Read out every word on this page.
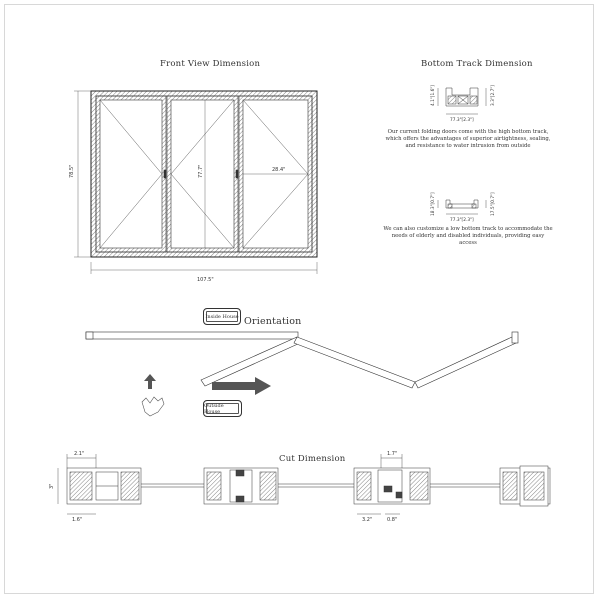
Front View Dimension	Bottom Track Dimension
Orientation
Cut Dimension
Our current folding doors come with the high bottom track, which offers the advantages of superior airtightness, sealing, and resistance to water intrusion from outside
We can also customize a low bottom track to accommodate the needs of elderly and disabled individuals, providing easy access
Inside House
Outside House
78.5"	77.7"	28.4"
107.5"
4.1"[1.6"]	3.3"[2.7"]
77.3"[2.3"]
18.3"[0.7"]	17.5"[0.7"]
77.3"[2.3"]
2.1"
3"
1.6"
1.7"
3.2"	0.8"
